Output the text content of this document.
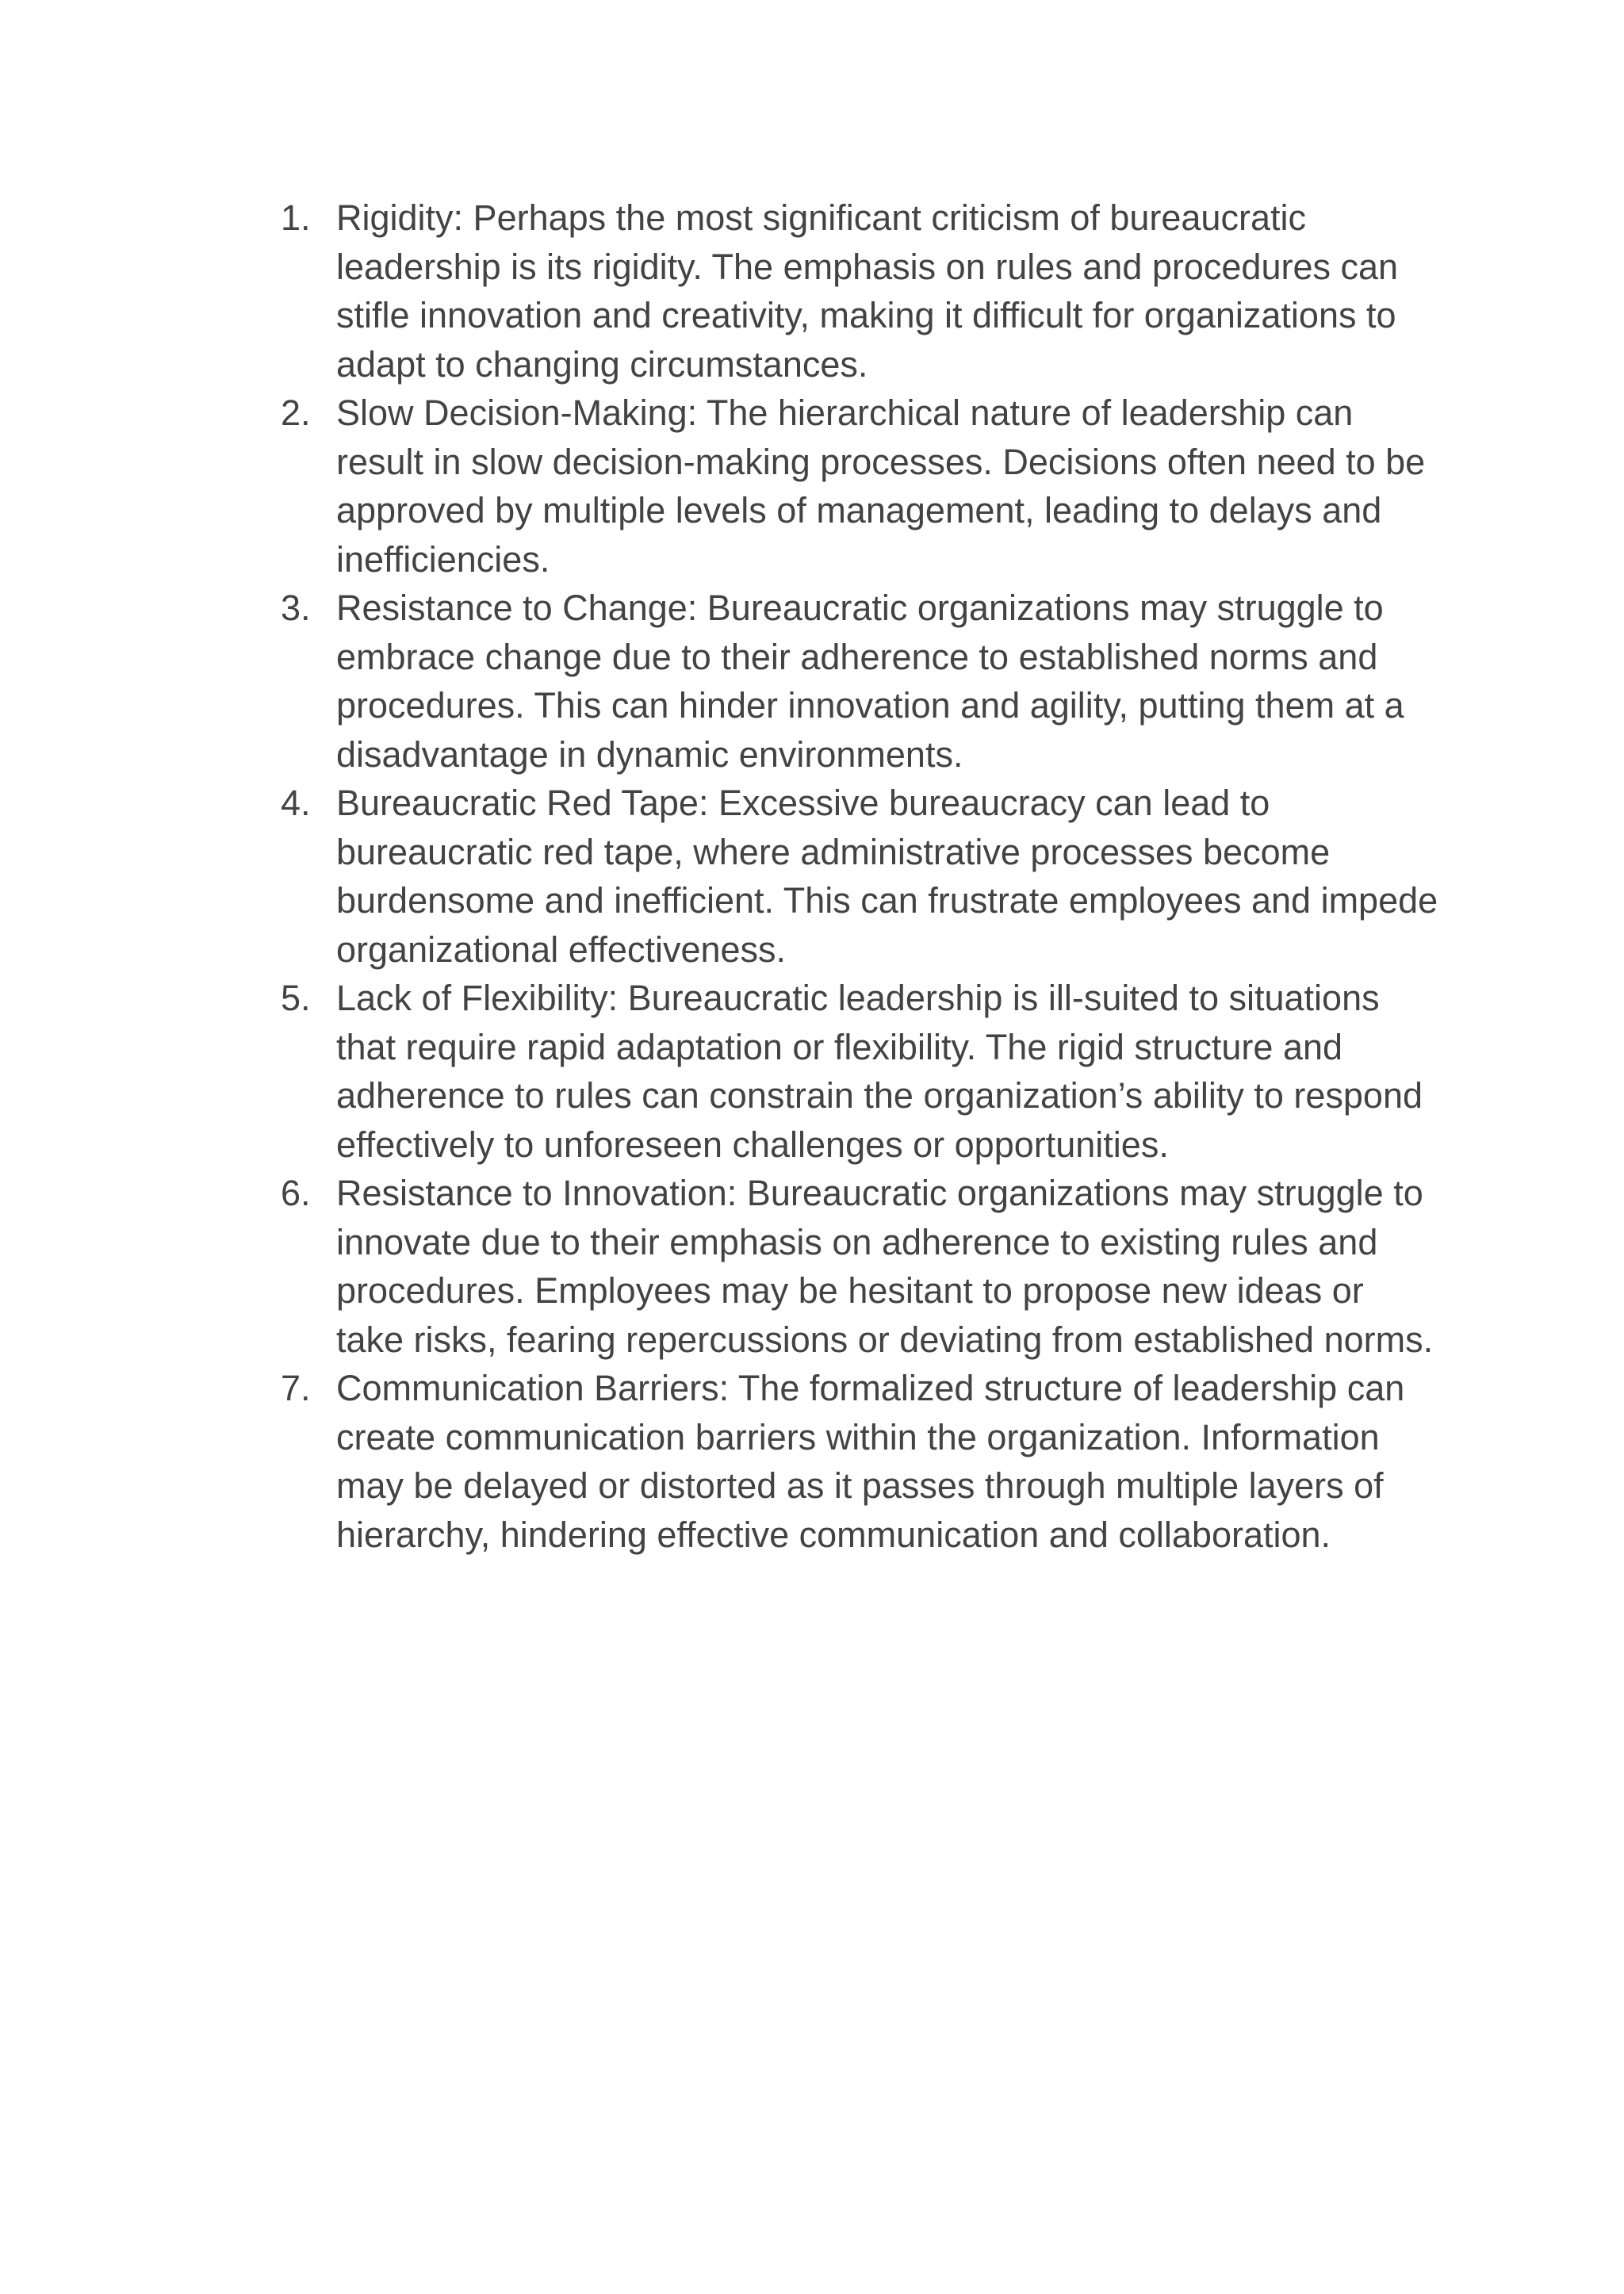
1. Rigidity: Perhaps the most significant criticism of bureaucratic leadership is its rigidity. The emphasis on rules and procedures can stifle innovation and creativity, making it difficult for organizations to adapt to changing circumstances.
2. Slow Decision-Making: The hierarchical nature of leadership can result in slow decision-making processes. Decisions often need to be approved by multiple levels of management, leading to delays and inefficiencies.
3. Resistance to Change: Bureaucratic organizations may struggle to embrace change due to their adherence to established norms and procedures. This can hinder innovation and agility, putting them at a disadvantage in dynamic environments.
4. Bureaucratic Red Tape: Excessive bureaucracy can lead to bureaucratic red tape, where administrative processes become burdensome and inefficient. This can frustrate employees and impede organizational effectiveness.
5. Lack of Flexibility: Bureaucratic leadership is ill-suited to situations that require rapid adaptation or flexibility. The rigid structure and adherence to rules can constrain the organization’s ability to respond effectively to unforeseen challenges or opportunities.
6. Resistance to Innovation: Bureaucratic organizations may struggle to innovate due to their emphasis on adherence to existing rules and procedures. Employees may be hesitant to propose new ideas or take risks, fearing repercussions or deviating from established norms.
7. Communication Barriers: The formalized structure of leadership can create communication barriers within the organization. Information may be delayed or distorted as it passes through multiple layers of hierarchy, hindering effective communication and collaboration.
